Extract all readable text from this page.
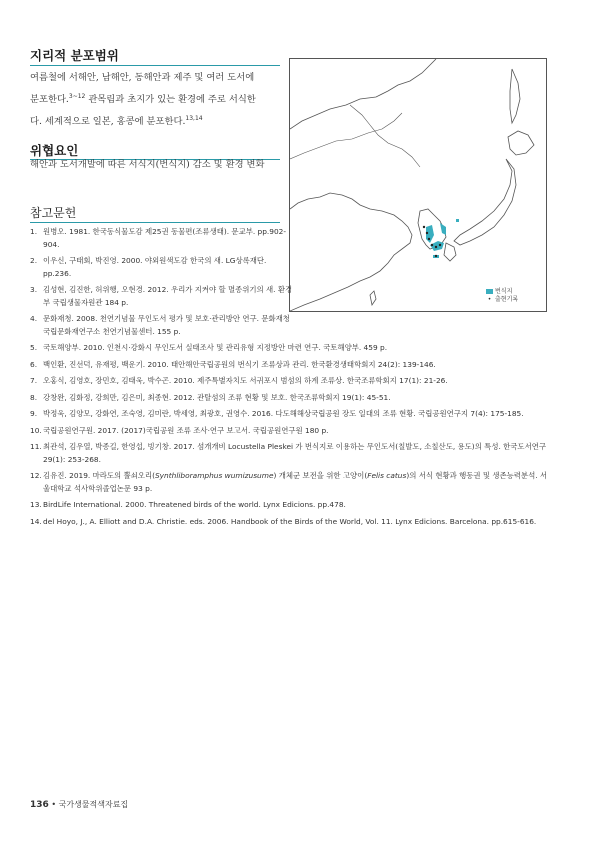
지리적 분포범위
여름철에 서해안, 남해안, 동해안과 제주 및 여러 도서에
분포한다.$^{3\sim 12}$ 관목림과 초지가 있는 환경에 주로 서식한
다. 세계적으로 일본, 홍콩에 분포한다.$^{13,14}$
위협요인
해안과 도서개발에 따른 서식지(번식지) 감소 및 환경 변화
번식지
• 출현기록
참고문헌
1. 원병오. 1981. 한국동식물도감 제25권 동물편(조류생태). 문교부. pp.902-904.
2. 이우신, 구태회, 박진영. 2000. 야외원색도감 한국의 새. LG상록재단. pp.236.
3. 김성현, 김진한, 허위행, 오현경. 2012. 우리가 지켜야 할 멸종위기의 새. 환경부 국립생물자원관 184 p.
4. 문화재청. 2008. 천연기념물 무인도서 평가 및 보호·관리방안 연구. 문화재청 국립문화재연구소 천연기념물센터. 155 p.
5. 국토해양부. 2010. 인천시·강화시 무인도서 실태조사 및 관리유형 지정방안 마련 연구. 국토해양부. 459 p.
6. 백인환, 진선덕, 유재평, 백운기. 2010. 태안해안국립공원의 번식기 조류상과 관리. 한국환경생태학회지 24(2): 139-146.
7. 오홍식, 김영호, 장민호, 김태욱, 박수곤. 2010. 제주특별자치도 서귀포시 범섬의 하계 조류상. 한국조류학회지 17(1): 21-26.
8. 강창완, 김화정, 강희만, 김은미, 최종현. 2012. 관탈섬의 조류 현황 및 보호. 한국조류학회지 19(1): 45-51.
9. 박정욱, 김양모, 강화연, 조숙영, 김미란, 박세영, 최광호, 권영수. 2016. 다도해해상국립공원 장도 일대의 조류 현황. 국립공원연구지 7(4): 175-185.
10. 국립공원연구원. 2017. (2017)국립공원 조류 조사·연구 보고서. 국립공원연구원 180 p.
11. 최관석, 김우열, 박종길, 한영섭, 빙기창. 2017. 섬개개비 Locustella Pleskei 가 번식지로 이용하는 무인도서(칠발도, 소칠산도, 용도)의 특성. 한국도서연구 29(1): 253-268.
12. 김유진. 2019. 마라도의 뿔쇠오리(Synthliboramphus wumizusume) 개체군 보전을 위한 고양이(Felis catus)의 서식 현황과 행동권 및 생존능력분석. 서울대학교 석사학위졸업논문 93 p.
13. BirdLife International. 2000. Threatened birds of the world. Lynx Edicions. pp.478.
14. del Hoyo, J., A. Elliott and D.A. Christie. eds. 2006. Handbook of the Birds of the World, Vol. 11. Lynx Edicions. Barcelona. pp.615-616.
136 • 국가생물적색자료집
